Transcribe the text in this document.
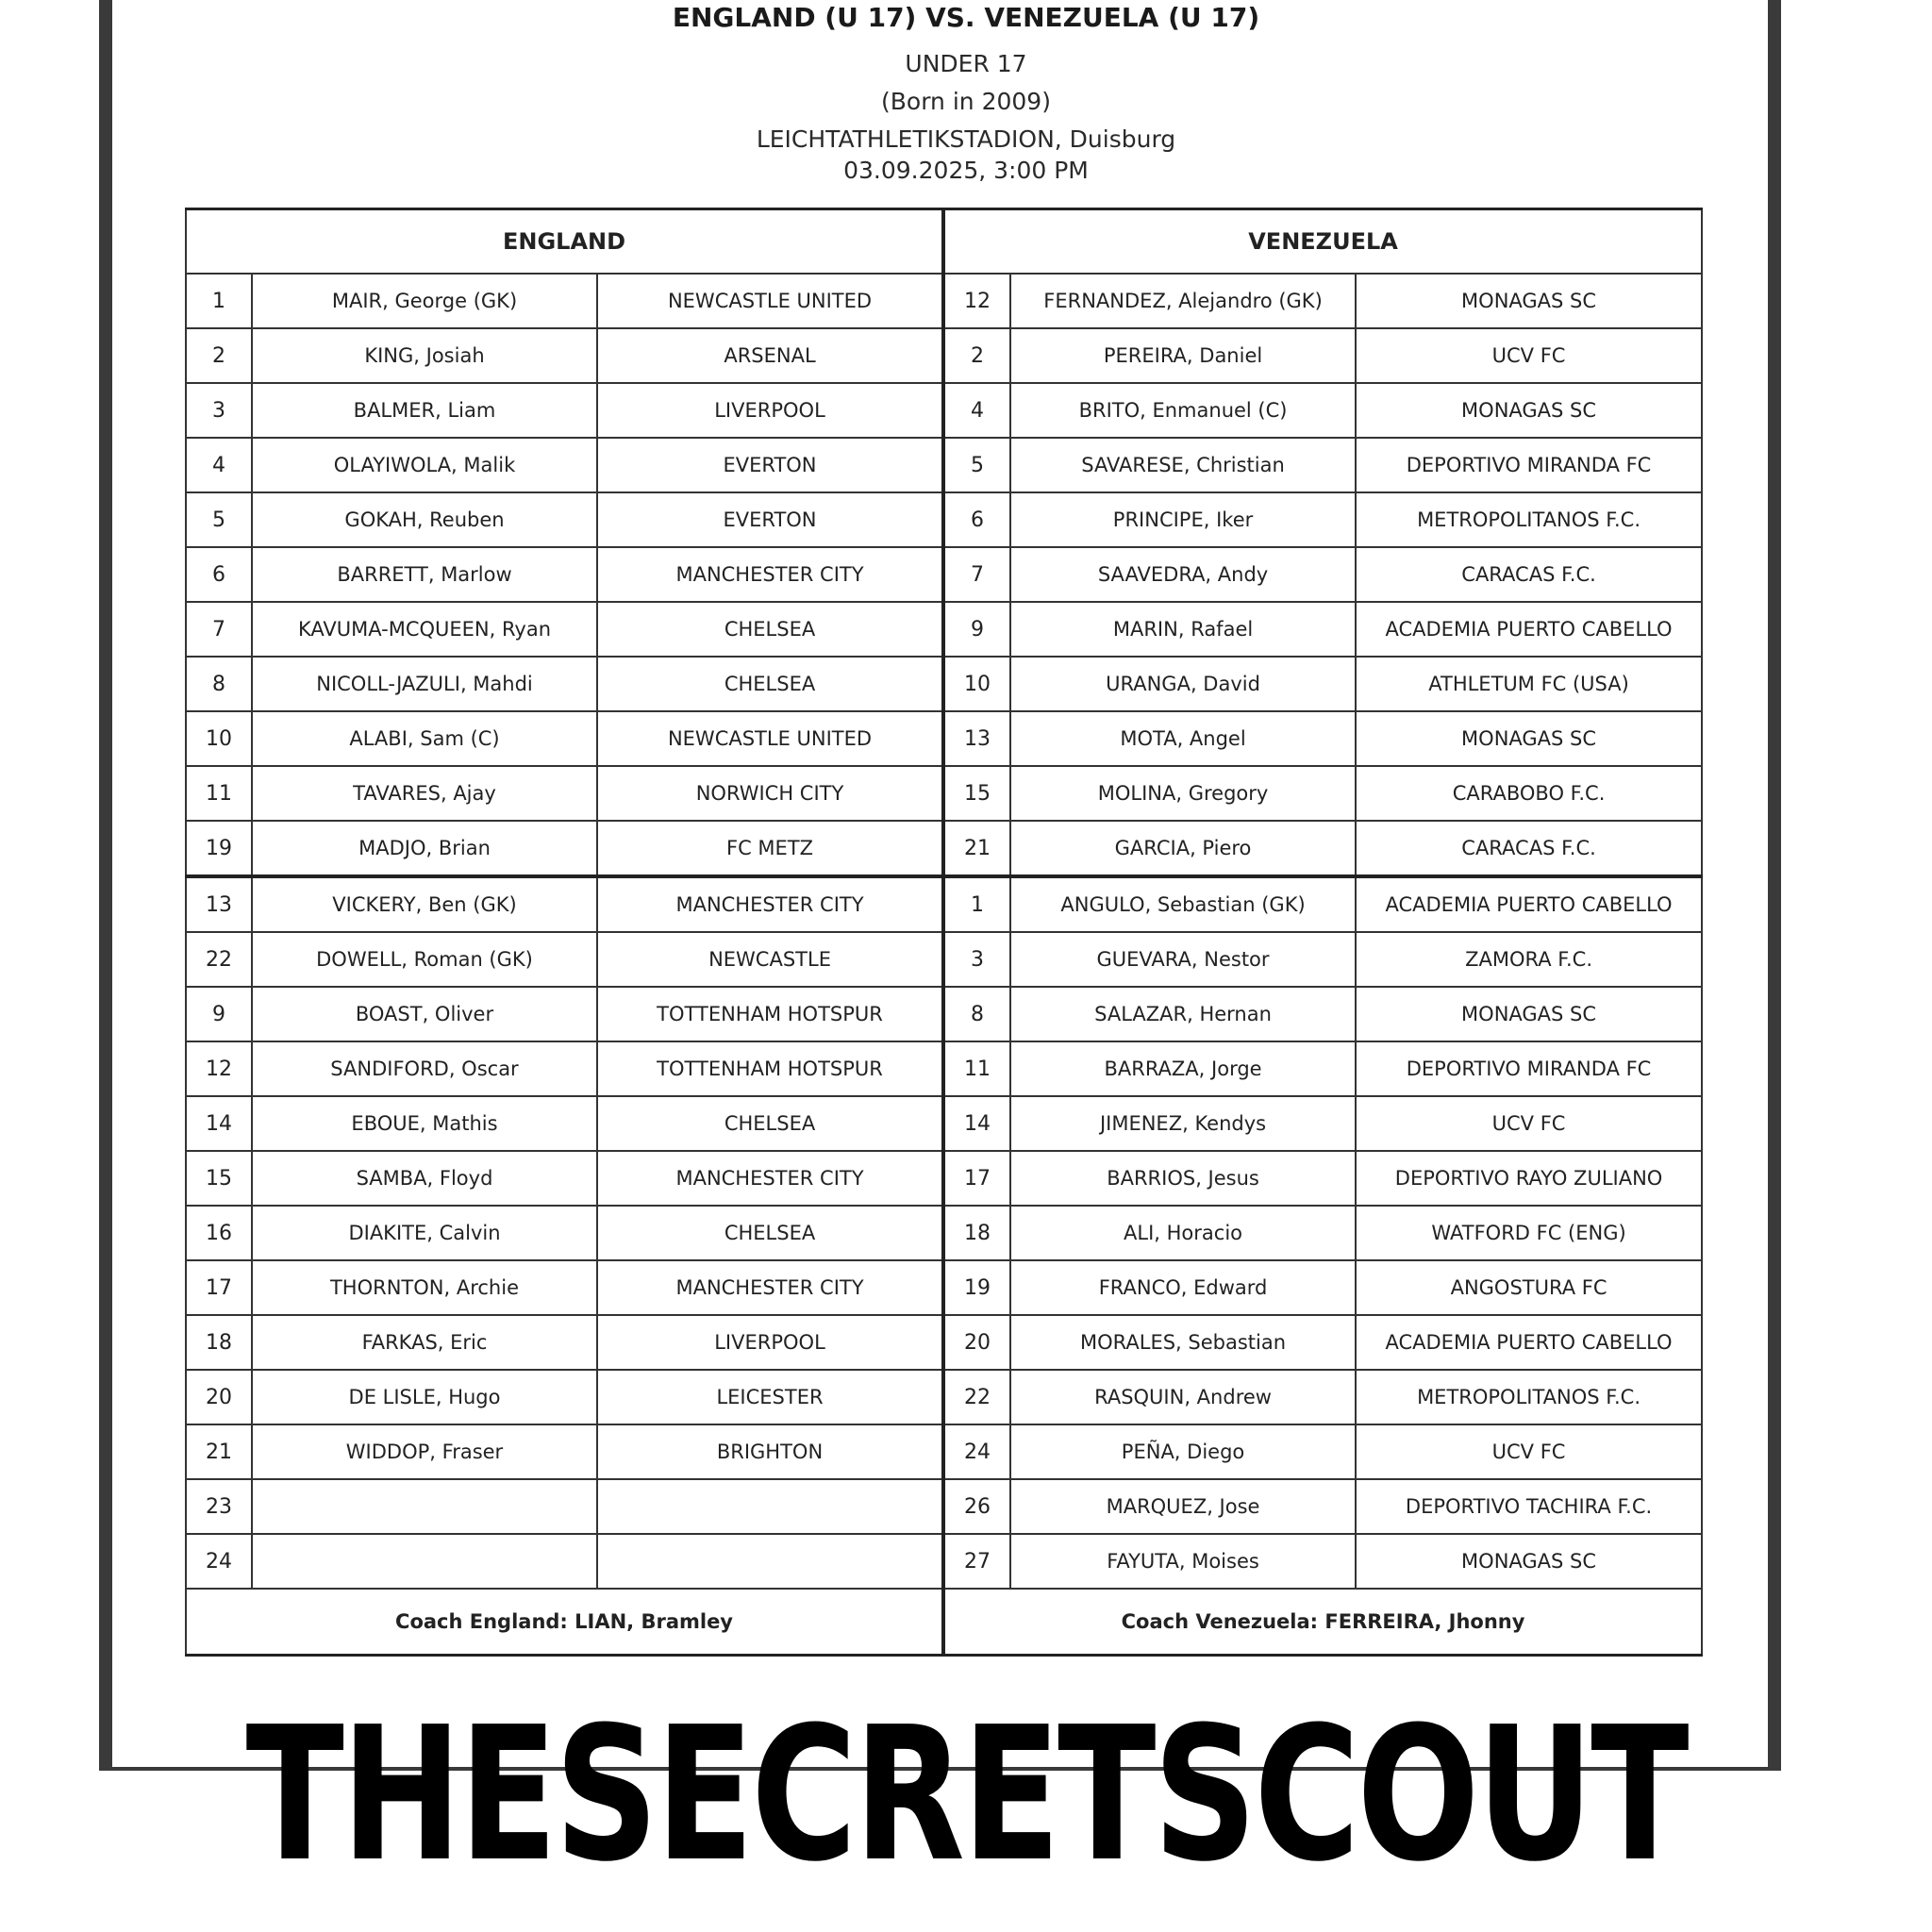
ENGLAND (U 17) VS. VENEZUELA (U 17)
UNDER 17
(Born in 2009)
LEICHTATHLETIKSTADION, Duisburg
03.09.2025, 3:00 PM
ENGLAND			VENEZUELA		
1	MAIR, George (GK)	NEWCASTLE UNITED	12	FERNANDEZ, Alejandro (GK)	MONAGAS SC
2	KING, Josiah	ARSENAL	2	PEREIRA, Daniel	UCV FC
3	BALMER, Liam	LIVERPOOL	4	BRITO, Enmanuel (C)	MONAGAS SC
4	OLAYIWOLA, Malik	EVERTON	5	SAVARESE, Christian	DEPORTIVO MIRANDA FC
5	GOKAH, Reuben	EVERTON	6	PRINCIPE, Iker	METROPOLITANOS F.C.
6	BARRETT, Marlow	MANCHESTER CITY	7	SAAVEDRA, Andy	CARACAS F.C.
7	KAVUMA-MCQUEEN, Ryan	CHELSEA	9	MARIN, Rafael	ACADEMIA PUERTO CABELLO
8	NICOLL-JAZULI, Mahdi	CHELSEA	10	URANGA, David	ATHLETUM FC (USA)
10	ALABI, Sam (C)	NEWCASTLE UNITED	13	MOTA, Angel	MONAGAS SC
11	TAVARES, Ajay	NORWICH CITY	15	MOLINA, Gregory	CARABOBO F.C.
19	MADJO, Brian	FC METZ	21	GARCIA, Piero	CARACAS F.C.
13	VICKERY, Ben (GK)	MANCHESTER CITY	1	ANGULO, Sebastian (GK)	ACADEMIA PUERTO CABELLO
22	DOWELL, Roman (GK)	NEWCASTLE	3	GUEVARA, Nestor	ZAMORA F.C.
9	BOAST, Oliver	TOTTENHAM HOTSPUR	8	SALAZAR, Hernan	MONAGAS SC
12	SANDIFORD, Oscar	TOTTENHAM HOTSPUR	11	BARRAZA, Jorge	DEPORTIVO MIRANDA FC
14	EBOUE, Mathis	CHELSEA	14	JIMENEZ, Kendys	UCV FC
15	SAMBA, Floyd	MANCHESTER CITY	17	BARRIOS, Jesus	DEPORTIVO RAYO ZULIANO
16	DIAKITE, Calvin	CHELSEA	18	ALI, Horacio	WATFORD FC (ENG)
17	THORNTON, Archie	MANCHESTER CITY	19	FRANCO, Edward	ANGOSTURA FC
18	FARKAS, Eric	LIVERPOOL	20	MORALES, Sebastian	ACADEMIA PUERTO CABELLO
20	DE LISLE, Hugo	LEICESTER	22	RASQUIN, Andrew	METROPOLITANOS F.C.
21	WIDDOP, Fraser	BRIGHTON	24	PEÑA, Diego	UCV FC
23			26	MARQUEZ, Jose	DEPORTIVO TACHIRA F.C.
24			27	FAYUTA, Moises	MONAGAS SC
Coach England: LIAN, Bramley			Coach Venezuela: FERREIRA, Jhonny		
THESECRETSCOUT
